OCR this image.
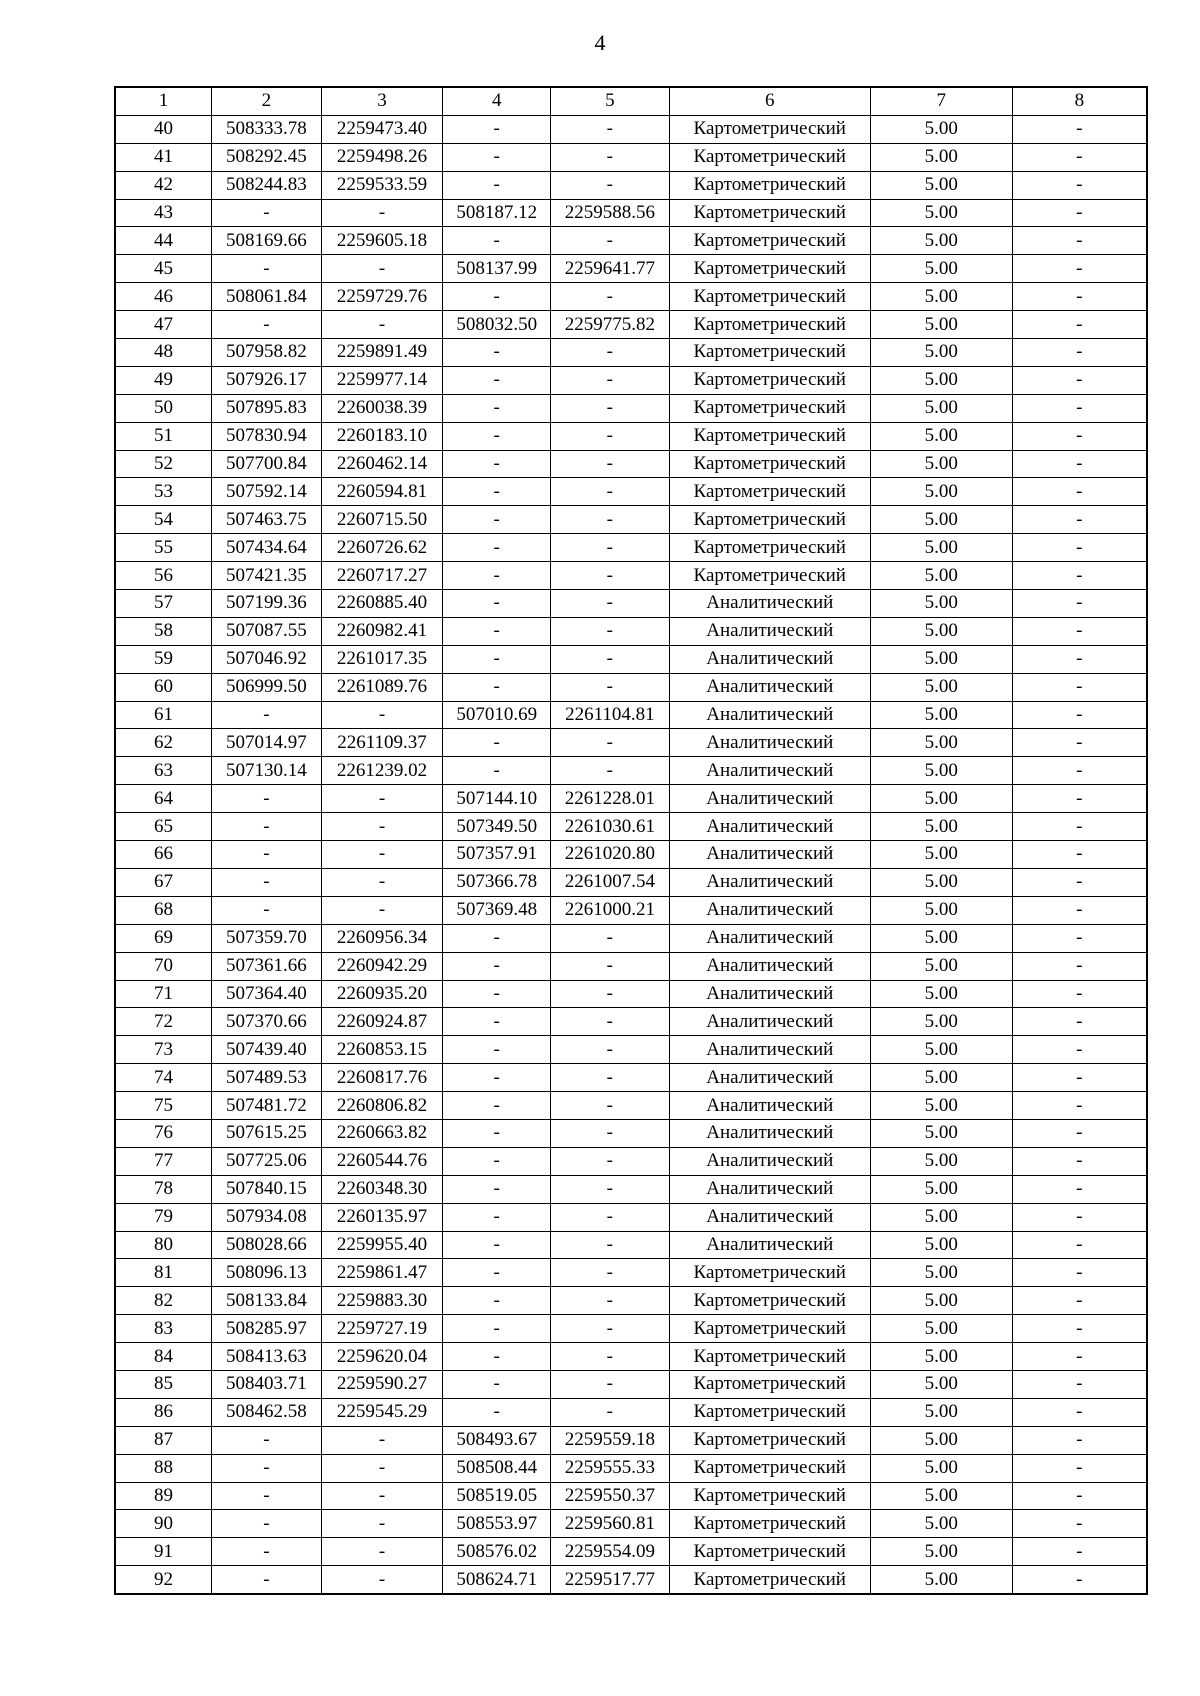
4
1	2	3	4	5	6	7	8
40	508333.78	2259473.40	-	-	Картометрический	5.00	-
41	508292.45	2259498.26	-	-	Картометрический	5.00	-
42	508244.83	2259533.59	-	-	Картометрический	5.00	-
43	-	-	508187.12	2259588.56	Картометрический	5.00	-
44	508169.66	2259605.18	-	-	Картометрический	5.00	-
45	-	-	508137.99	2259641.77	Картометрический	5.00	-
46	508061.84	2259729.76	-	-	Картометрический	5.00	-
47	-	-	508032.50	2259775.82	Картометрический	5.00	-
48	507958.82	2259891.49	-	-	Картометрический	5.00	-
49	507926.17	2259977.14	-	-	Картометрический	5.00	-
50	507895.83	2260038.39	-	-	Картометрический	5.00	-
51	507830.94	2260183.10	-	-	Картометрический	5.00	-
52	507700.84	2260462.14	-	-	Картометрический	5.00	-
53	507592.14	2260594.81	-	-	Картометрический	5.00	-
54	507463.75	2260715.50	-	-	Картометрический	5.00	-
55	507434.64	2260726.62	-	-	Картометрический	5.00	-
56	507421.35	2260717.27	-	-	Картометрический	5.00	-
57	507199.36	2260885.40	-	-	Аналитический	5.00	-
58	507087.55	2260982.41	-	-	Аналитический	5.00	-
59	507046.92	2261017.35	-	-	Аналитический	5.00	-
60	506999.50	2261089.76	-	-	Аналитический	5.00	-
61	-	-	507010.69	2261104.81	Аналитический	5.00	-
62	507014.97	2261109.37	-	-	Аналитический	5.00	-
63	507130.14	2261239.02	-	-	Аналитический	5.00	-
64	-	-	507144.10	2261228.01	Аналитический	5.00	-
65	-	-	507349.50	2261030.61	Аналитический	5.00	-
66	-	-	507357.91	2261020.80	Аналитический	5.00	-
67	-	-	507366.78	2261007.54	Аналитический	5.00	-
68	-	-	507369.48	2261000.21	Аналитический	5.00	-
69	507359.70	2260956.34	-	-	Аналитический	5.00	-
70	507361.66	2260942.29	-	-	Аналитический	5.00	-
71	507364.40	2260935.20	-	-	Аналитический	5.00	-
72	507370.66	2260924.87	-	-	Аналитический	5.00	-
73	507439.40	2260853.15	-	-	Аналитический	5.00	-
74	507489.53	2260817.76	-	-	Аналитический	5.00	-
75	507481.72	2260806.82	-	-	Аналитический	5.00	-
76	507615.25	2260663.82	-	-	Аналитический	5.00	-
77	507725.06	2260544.76	-	-	Аналитический	5.00	-
78	507840.15	2260348.30	-	-	Аналитический	5.00	-
79	507934.08	2260135.97	-	-	Аналитический	5.00	-
80	508028.66	2259955.40	-	-	Аналитический	5.00	-
81	508096.13	2259861.47	-	-	Картометрический	5.00	-
82	508133.84	2259883.30	-	-	Картометрический	5.00	-
83	508285.97	2259727.19	-	-	Картометрический	5.00	-
84	508413.63	2259620.04	-	-	Картометрический	5.00	-
85	508403.71	2259590.27	-	-	Картометрический	5.00	-
86	508462.58	2259545.29	-	-	Картометрический	5.00	-
87	-	-	508493.67	2259559.18	Картометрический	5.00	-
88	-	-	508508.44	2259555.33	Картометрический	5.00	-
89	-	-	508519.05	2259550.37	Картометрический	5.00	-
90	-	-	508553.97	2259560.81	Картометрический	5.00	-
91	-	-	508576.02	2259554.09	Картометрический	5.00	-
92	-	-	508624.71	2259517.77	Картометрический	5.00	-
